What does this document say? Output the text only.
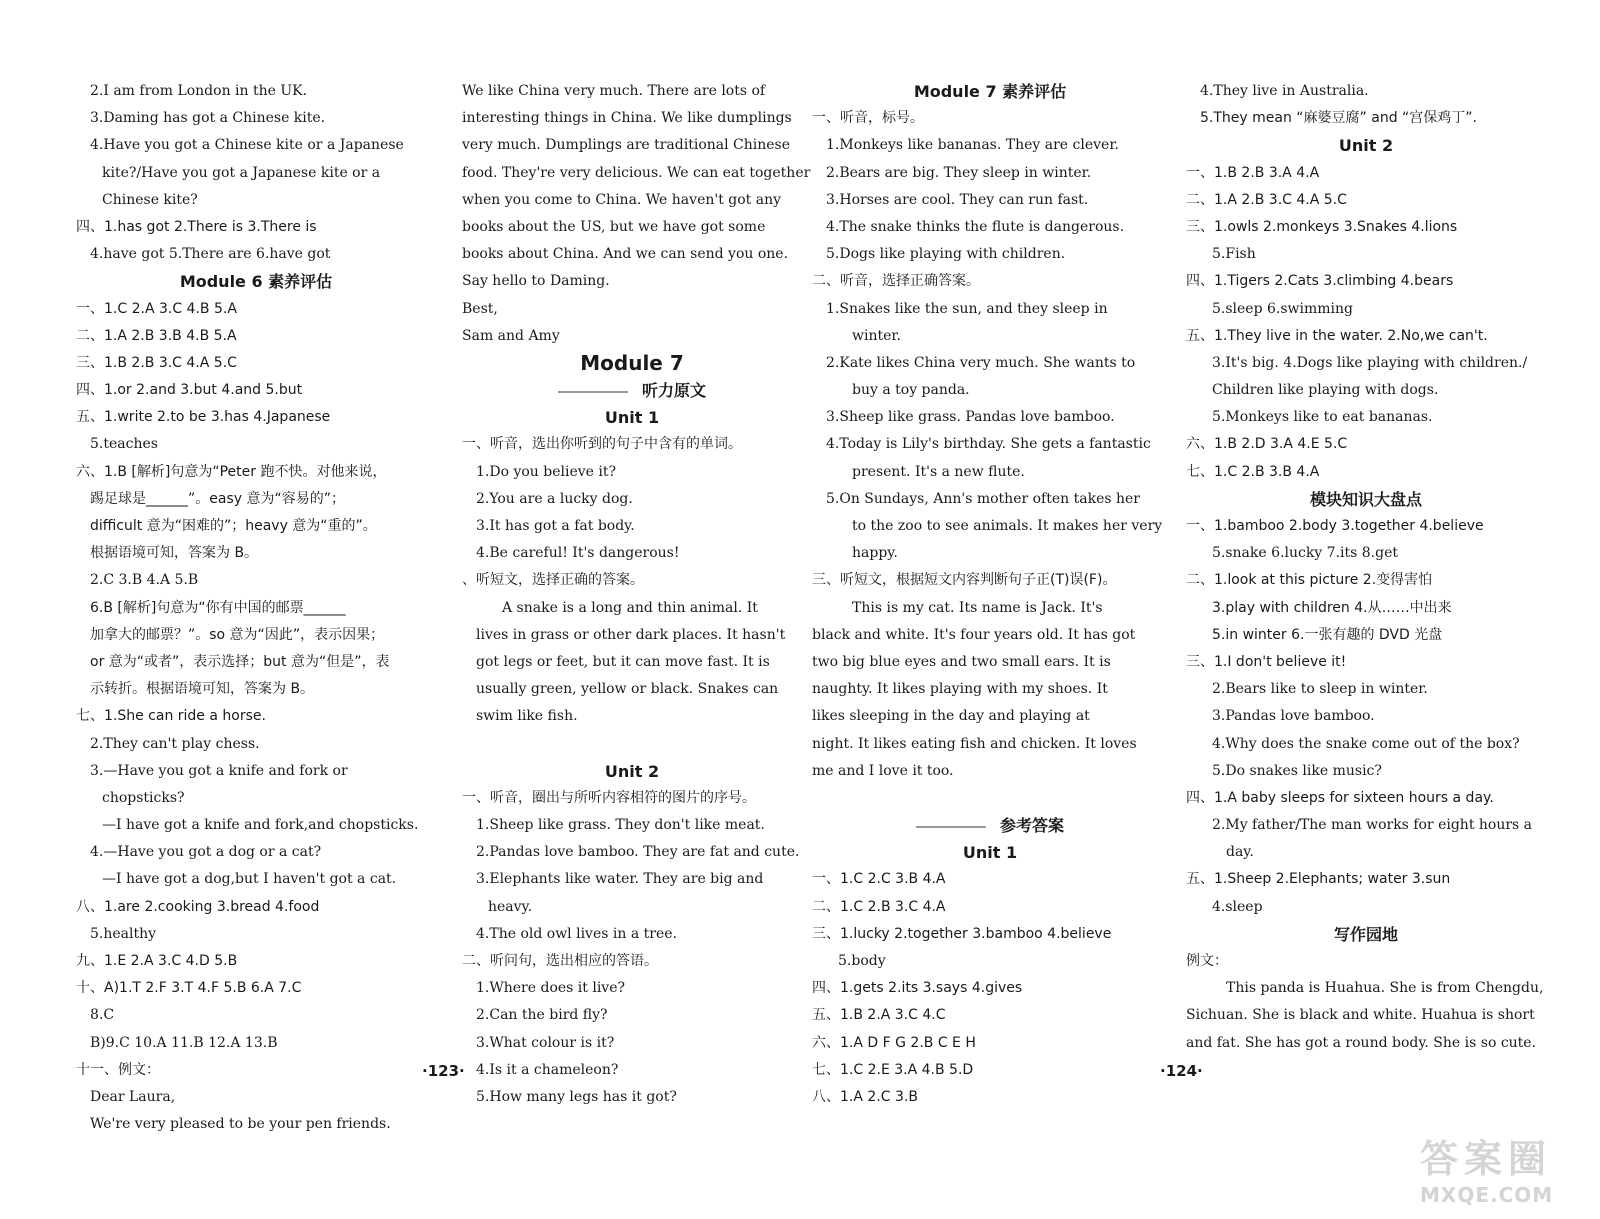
2.I am from London in the UK.
3.Daming has got a Chinese kite.
4.Have you got a Chinese kite or a Japanese
kite?/Have you got a Japanese kite or a
Chinese kite?
四、1.has got 2.There is 3.There is
4.have got 5.There are 6.have got
Module 6 素养评估
一、1.C 2.A 3.C 4.B 5.A
二、1.A 2.B 3.B 4.B 5.A
三、1.B 2.B 3.C 4.A 5.C
四、1.or 2.and 3.but 4.and 5.but
五、1.write 2.to be 3.has 4.Japanese
5.teaches
六、1.B [解析]句意为“Peter 跑不快。对他来说，
踢足球是______”。easy 意为“容易的”；
difficult 意为“困难的”；heavy 意为“重的”。
根据语境可知，答案为 B。
2.C 3.B 4.A 5.B
6.B [解析]句意为“你有中国的邮票______
加拿大的邮票？”。so 意为“因此”，表示因果；
or 意为“或者”，表示选择；but 意为“但是”，表
示转折。根据语境可知，答案为 B。
七、1.She can ride a horse.
2.They can't play chess.
3.—Have you got a knife and fork or
chopsticks?
—I have got a knife and fork,and chopsticks.
4.—Have you got a dog or a cat?
—I have got a dog,but I haven't got a cat.
八、1.are 2.cooking 3.bread 4.food
5.healthy
九、1.E 2.A 3.C 4.D 5.B
十、A)1.T 2.F 3.T 4.F 5.B 6.A 7.C
8.C
B)9.C 10.A 11.B 12.A 13.B
十一、例文：
Dear Laura,
We're very pleased to be your pen friends.
We like China very much. There are lots of
interesting things in China. We like dumplings
very much. Dumplings are traditional Chinese
food. They're very delicious. We can eat together
when you come to China. We haven't got any
books about the US, but we have got some
books about China. And we can send you one.
Say hello to Daming.
Best,
Sam and Amy
Module 7
听力原文
Unit 1
一、听音，选出你听到的句子中含有的单词。
1.Do you believe it?
2.You are a lucky dog.
3.It has got a fat body.
4.Be careful! It's dangerous!
、听短文，选择正确的答案。
A snake is a long and thin animal. It
lives in grass or other dark places. It hasn't
got legs or feet, but it can move fast. It is
usually green, yellow or black. Snakes can
swim like fish.
Unit 2
一、听音，圈出与所听内容相符的图片的序号。
1.Sheep like grass. They don't like meat.
2.Pandas love bamboo. They are fat and cute.
3.Elephants like water. They are big and
heavy.
4.The old owl lives in a tree.
二、听问句，选出相应的答语。
1.Where does it live?
2.Can the bird fly?
3.What colour is it?
4.Is it a chameleon?
5.How many legs has it got?
Module 7 素养评估
一、听音，标号。
1.Monkeys like bananas. They are clever.
2.Bears are big. They sleep in winter.
3.Horses are cool. They can run fast.
4.The snake thinks the flute is dangerous.
5.Dogs like playing with children.
二、听音，选择正确答案。
1.Snakes like the sun, and they sleep in
winter.
2.Kate likes China very much. She wants to
buy a toy panda.
3.Sheep like grass. Pandas love bamboo.
4.Today is Lily's birthday. She gets a fantastic
present. It's a new flute.
5.On Sundays, Ann's mother often takes her
to the zoo to see animals. It makes her very
happy.
三、听短文，根据短文内容判断句子正(T)误(F)。
This is my cat. Its name is Jack. It's
black and white. It's four years old. It has got
two big blue eyes and two small ears. It is
naughty. It likes playing with my shoes. It
likes sleeping in the day and playing at
night. It likes eating fish and chicken. It loves
me and I love it too.
参考答案
Unit 1
一、1.C 2.C 3.B 4.A
二、1.C 2.B 3.C 4.A
三、1.lucky 2.together 3.bamboo 4.believe
5.body
四、1.gets 2.its 3.says 4.gives
五、1.B 2.A 3.C 4.C
六、1.A D F G 2.B C E H
七、1.C 2.E 3.A 4.B 5.D
八、1.A 2.C 3.B
4.They live in Australia.
5.They mean “麻婆豆腐” and “宫保鸡丁”.
Unit 2
一、1.B 2.B 3.A 4.A
二、1.A 2.B 3.C 4.A 5.C
三、1.owls 2.monkeys 3.Snakes 4.lions
5.Fish
四、1.Tigers 2.Cats 3.climbing 4.bears
5.sleep 6.swimming
五、1.They live in the water. 2.No,we can't.
3.It's big. 4.Dogs like playing with children./
Children like playing with dogs.
5.Monkeys like to eat bananas.
六、1.B 2.D 3.A 4.E 5.C
七、1.C 2.B 3.B 4.A
模块知识大盘点
一、1.bamboo 2.body 3.together 4.believe
5.snake 6.lucky 7.its 8.get
二、1.look at this picture 2.变得害怕
3.play with children 4.从……中出来
5.in winter 6.一张有趣的 DVD 光盘
三、1.I don't believe it!
2.Bears like to sleep in winter.
3.Pandas love bamboo.
4.Why does the snake come out of the box?
5.Do snakes like music?
四、1.A baby sleeps for sixteen hours a day.
2.My father/The man works for eight hours a
day.
五、1.Sheep 2.Elephants; water 3.sun
4.sleep
写作园地
例文：
This panda is Huahua. She is from Chengdu,
Sichuan. She is black and white. Huahua is short
and fat. She has got a round body. She is so cute.
·123·	·124·
答案圈
MXQE.COM
